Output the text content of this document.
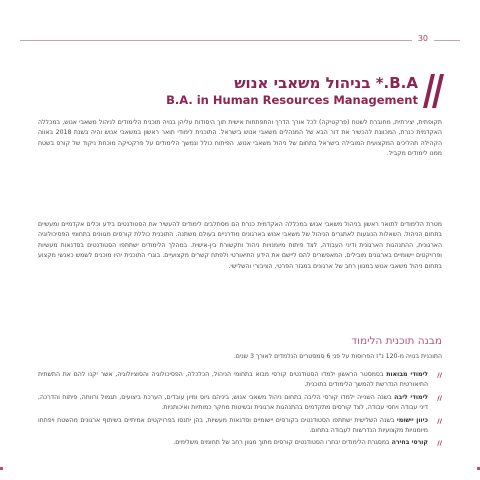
30
B.A.* בניהול משאבי אנוש
B.A. in Human Resources Management
תקופתית, יצירתית, מחוברת לשטח (פרקטיקה) לכל אורך הדרך והתפתחות אישית תוך היסודות עליהן בנויה תוכנית הלימודים לניהול משאבי אנוש, במכללה האקדמית כנרת, המכוונת להכשיר את דור הבא של המנהלים משאבי אנוש בישראל. התוכנית לימודי תואר ראשון במשאבי אנוש והיה בשנת 2018 באווה הקהילה תהליכים המקצועית המובילה בישראל בתחום של ניהול משאבי אנוש. הפיתוח כולל ונמשך הלימודים על פרקטיקה מוכחת ניקוד של קורס בשטח ממנו לימודים מקביל.
מטרת הלימודים לתואר ראשון בניהול משאבי אנוש במכללה האקדמית כנרת הם מסתלבים לימודים להעשיר את הסטודנטים בידע וכלים אקדמיים ומעשיים בתחום הניהול. השאלות הנוגעות לאתגרים הניהול של משאבי אנוש בארגונים מודרניים בעולם משתנה. התוכנית כוללת קורסים מגוונים בתחומי הפסיכולוגיה הארגונית, ההתנהגות הארגונית ודיני העבודה, לצד פיתוח מיומנויות ניהול ותקשורת בין-אישית. במהלך הלימודים ישתתפו הסטודנטים בסדנאות מעשיות ופרויקטים יישומיים בארגונים מובילים, המאפשרים להם ליישם את הידע התיאורטי ולפתח קשרים מקצועיים. בוגרי התוכנית יהיו מוכנים לשמש כאנשי מקצוע בתחום ניהול משאבי אנוש במגוון רחב של ארגונים במגזר הפרטי, הציבורי והשלישי.
מבנה תוכנית הלימוד
התוכנית בנויה מ-120 נ"ז הפרוסות על פני 6 סמסטרים הנלמדים לאורך 3 שנים.
//
לימודי מבואות בסמסטר הראשון ילמדו הסטודנטים קורסי מבוא בתחומי הניהול, הכלכלה, הפסיכולוגיה והסוציולוגיה, אשר יקנו להם את התשתית התיאורטית הנדרשת להמשך הלימודים בתוכנית.
//
לימודי ליבה בשנה השנייה ילמדו קורסי הליבה בתחום ניהול משאבי אנוש, ביניהם גיוס ומיון עובדים, הערכת ביצועים, תגמול ורווחה, פיתוח והדרכה, דיני עבודה ויחסי עבודה, לצד קורסים מתקדמים בהתנהגות ארגונית ובשיטות מחקר כמותיות ואיכותניות.
//
כיוון יישומי בשנה השלישית ישתתפו הסטודנטים בקורסים יישומיים וסדנאות מעשיות, בהן יתנסו בפרויקטים אמיתיים בשיתוף ארגונים מהשטח ויפתחו מיומנויות מקצועיות הנדרשות לעבודה בתחום.
//
קורסי בחירה במסגרת הלימודים יבחרו הסטודנטים קורסים מתוך מגוון רחב של תחומים משלימים.
